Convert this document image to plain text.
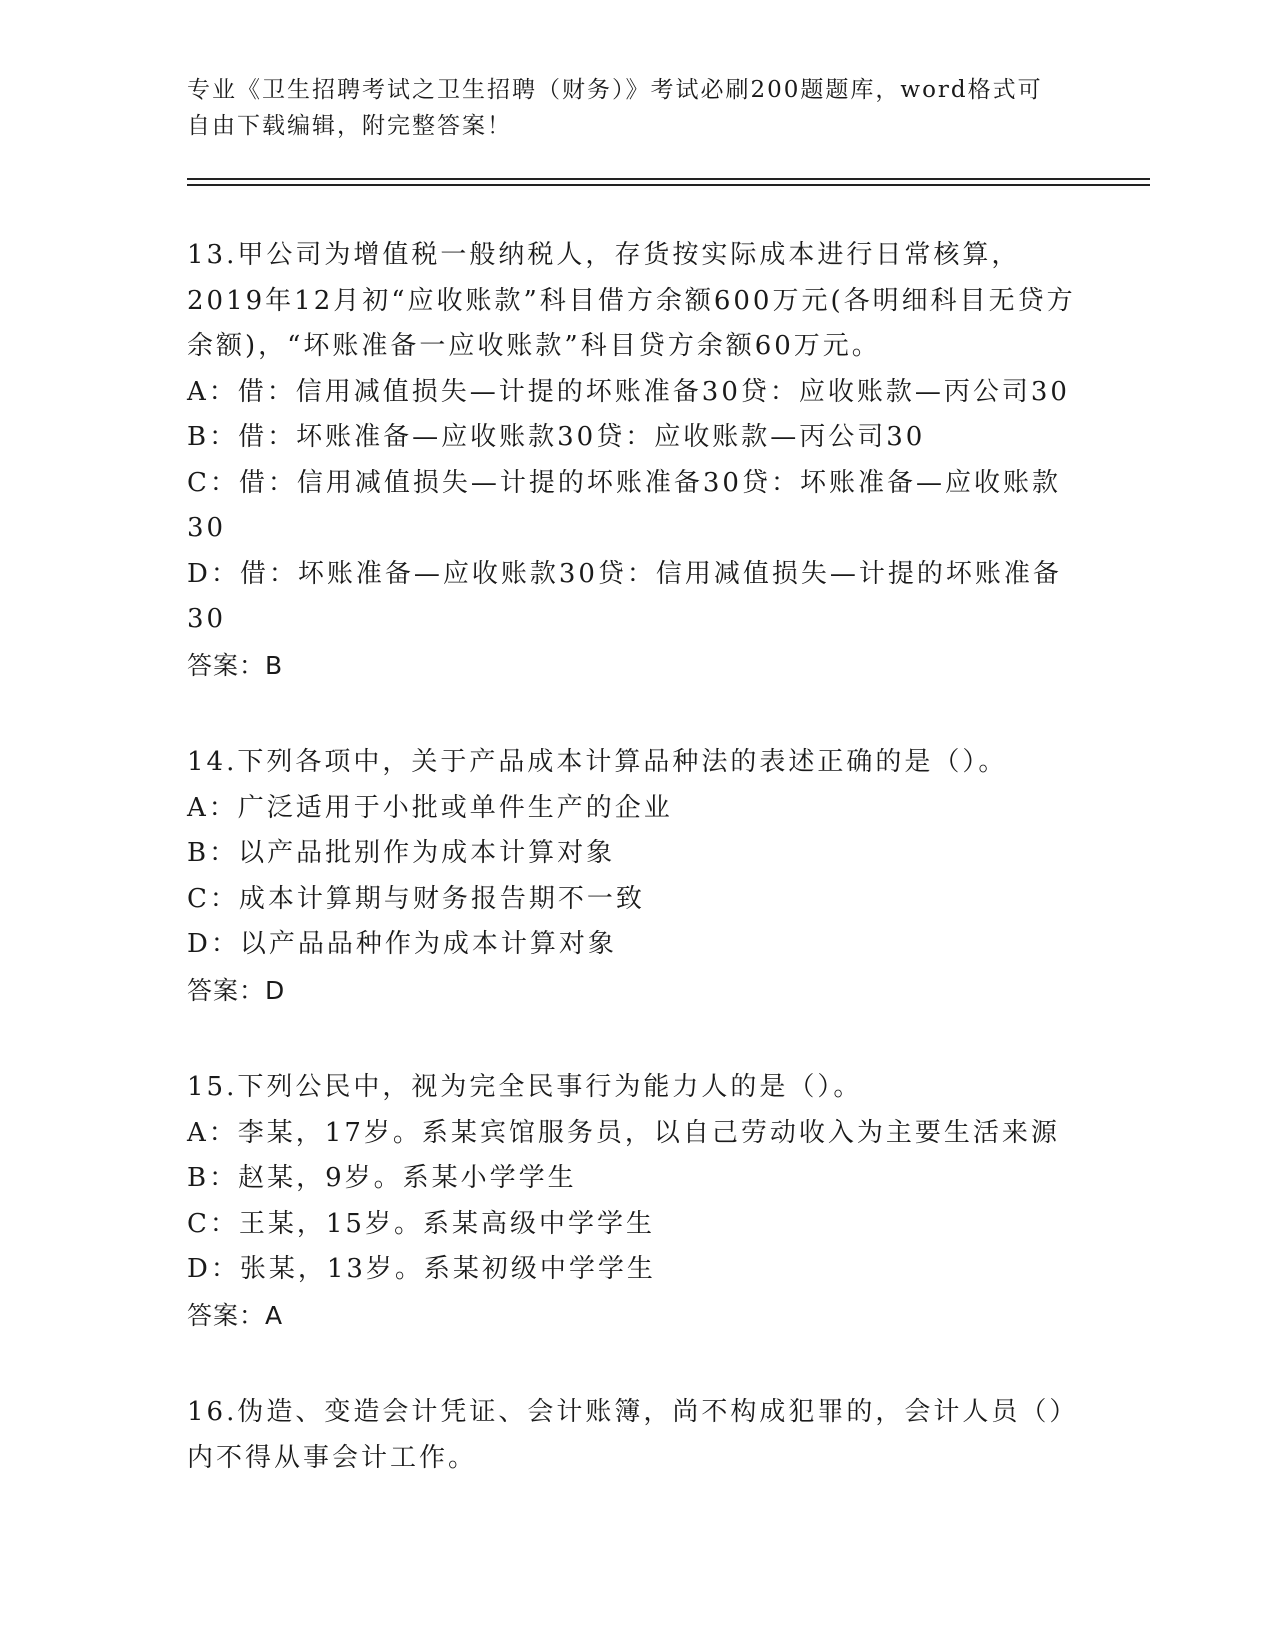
专业《卫生招聘考试之卫生招聘（财务）》考试必刷200题题库，word格式可自由下载编辑，附完整答案！
13.甲公司为增值税一般纳税人，存货按实际成本进行日常核算，2019年12月初“应收账款”科目借方余额600万元(各明细科目无贷方余额)，“坏账准备一应收账款”科目贷方余额60万元。
A：借：信用减值损失—计提的坏账准备30贷：应收账款—丙公司30
B：借：坏账准备—应收账款30贷：应收账款—丙公司30
C：借：信用减值损失—计提的坏账准备30贷：坏账准备—应收账款30
D：借：坏账准备—应收账款30贷：信用减值损失—计提的坏账准备30
答案：B
14.下列各项中，关于产品成本计算品种法的表述正确的是（）。
A：广泛适用于小批或单件生产的企业
B：以产品批别作为成本计算对象
C：成本计算期与财务报告期不一致
D：以产品品种作为成本计算对象
答案：D
15.下列公民中，视为完全民事行为能力人的是（）。
A：李某，17岁。系某宾馆服务员，以自己劳动收入为主要生活来源
B：赵某，9岁。系某小学学生
C：王某，15岁。系某高级中学学生
D：张某，13岁。系某初级中学学生
答案：A
16.伪造、变造会计凭证、会计账簿，尚不构成犯罪的，会计人员（）内不得从事会计工作。
